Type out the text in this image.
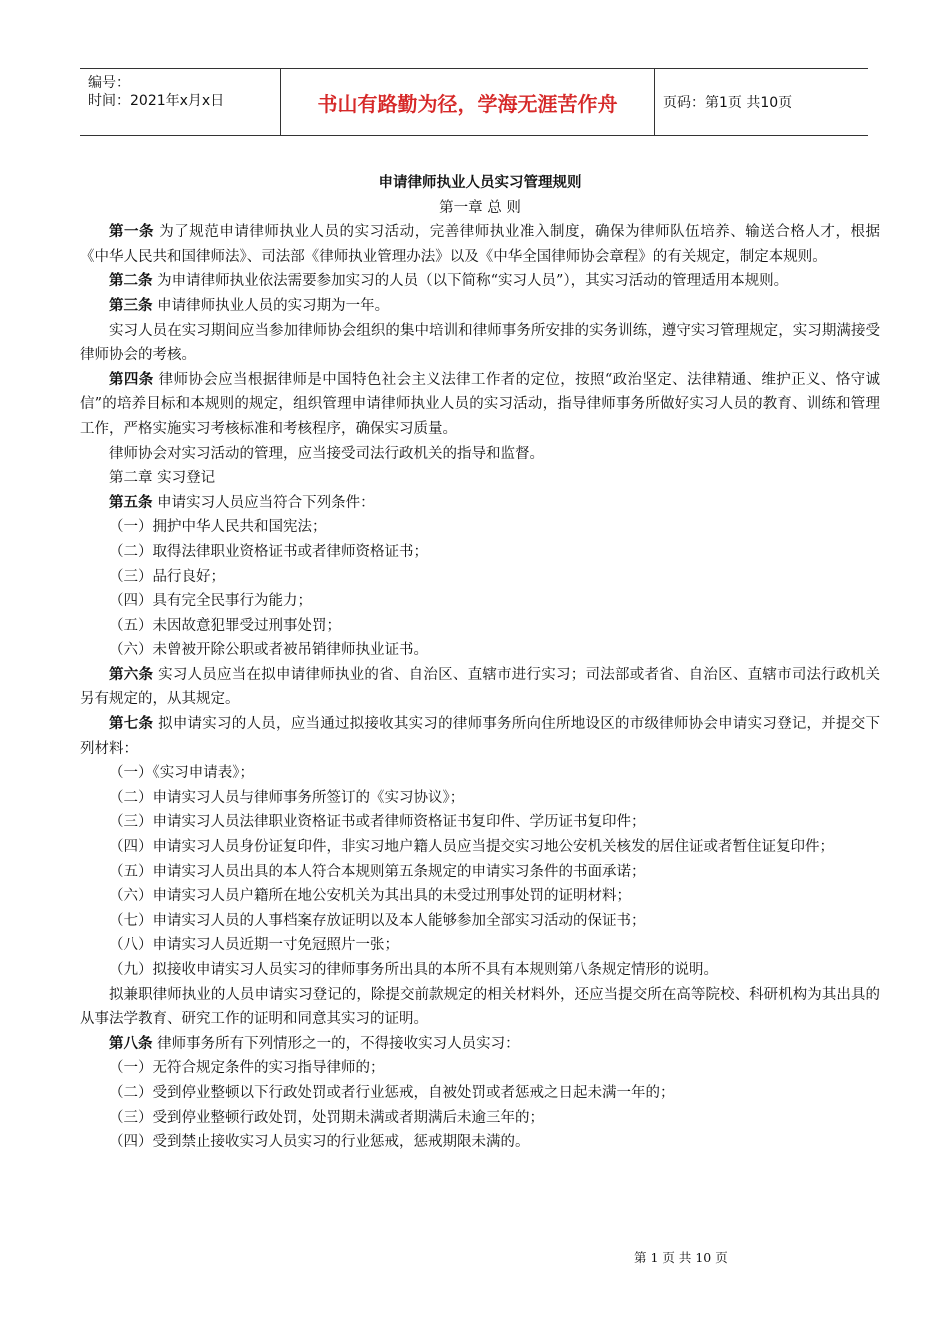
编号：
时间：2021年x月x日	书山有路勤为径，学海无涯苦作舟	页码：第1页 共10页

申请律师执业人员实习管理规则

第一章 总 则

第一条 为了规范申请律师执业人员的实习活动，完善律师执业准入制度，确保为律师队伍培养、输送合格人才，根据《中华人民共和国律师法》、司法部《律师执业管理办法》以及《中华全国律师协会章程》的有关规定，制定本规则。

第二条 为申请律师执业依法需要参加实习的人员（以下简称“实习人员”），其实习活动的管理适用本规则。

第三条 申请律师执业人员的实习期为一年。

实习人员在实习期间应当参加律师协会组织的集中培训和律师事务所安排的实务训练，遵守实习管理规定，实习期满接受律师协会的考核。

第四条 律师协会应当根据律师是中国特色社会主义法律工作者的定位，按照“政治坚定、法律精通、维护正义、恪守诚信”的培养目标和本规则的规定，组织管理申请律师执业人员的实习活动，指导律师事务所做好实习人员的教育、训练和管理工作，严格实施实习考核标准和考核程序，确保实习质量。

律师协会对实习活动的管理，应当接受司法行政机关的指导和监督。

第二章 实习登记

第五条 申请实习人员应当符合下列条件：

（一）拥护中华人民共和国宪法；

（二）取得法律职业资格证书或者律师资格证书；

（三）品行良好；

（四）具有完全民事行为能力；

（五）未因故意犯罪受过刑事处罚；

（六）未曾被开除公职或者被吊销律师执业证书。

第六条 实习人员应当在拟申请律师执业的省、自治区、直辖市进行实习；司法部或者省、自治区、直辖市司法行政机关另有规定的，从其规定。

第七条 拟申请实习的人员，应当通过拟接收其实习的律师事务所向住所地设区的市级律师协会申请实习登记，并提交下列材料：

（一）《实习申请表》；

（二）申请实习人员与律师事务所签订的《实习协议》；

（三）申请实习人员法律职业资格证书或者律师资格证书复印件、学历证书复印件；

（四）申请实习人员身份证复印件，非实习地户籍人员应当提交实习地公安机关核发的居住证或者暂住证复印件；

（五）申请实习人员出具的本人符合本规则第五条规定的申请实习条件的书面承诺；

（六）申请实习人员户籍所在地公安机关为其出具的未受过刑事处罚的证明材料；

（七）申请实习人员的人事档案存放证明以及本人能够参加全部实习活动的保证书；

（八）申请实习人员近期一寸免冠照片一张；

（九）拟接收申请实习人员实习的律师事务所出具的本所不具有本规则第八条规定情形的说明。

拟兼职律师执业的人员申请实习登记的，除提交前款规定的相关材料外，还应当提交所在高等院校、科研机构为其出具的从事法学教育、研究工作的证明和同意其实习的证明。

第八条 律师事务所有下列情形之一的，不得接收实习人员实习：

（一）无符合规定条件的实习指导律师的；

（二）受到停业整顿以下行政处罚或者行业惩戒，自被处罚或者惩戒之日起未满一年的；

（三）受到停业整顿行政处罚，处罚期未满或者期满后未逾三年的；

（四）受到禁止接收实习人员实习的行业惩戒，惩戒期限未满的。

第 1 页 共 10 页
